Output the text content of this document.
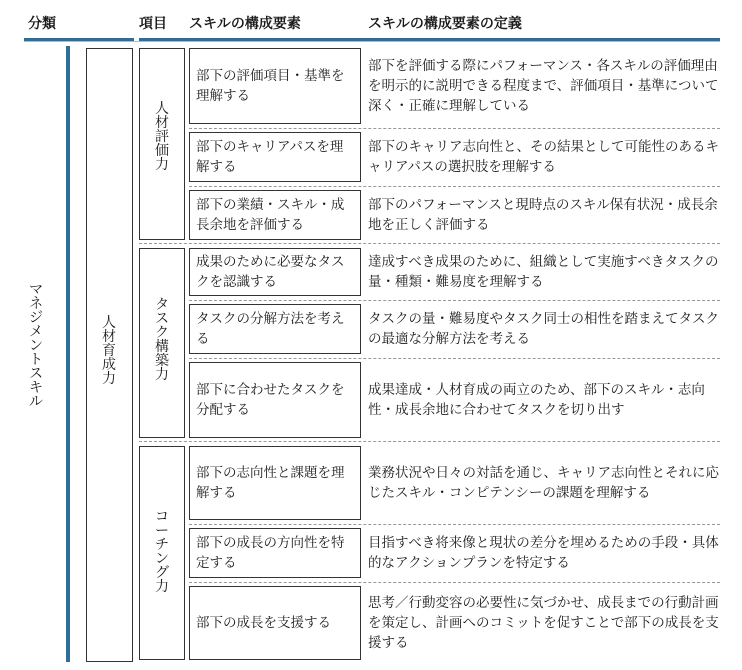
分類	項目 スキルの構成要素	スキルの構成要素の定義
マネジメントスキル
人材育成力
人材評価力
タスク構築力
コーチング力
部下の評価項目・基準を理解する
部下を評価する際にパフォーマンス・各スキルの評価理由を明示的に説明できる程度まで、評価項目・基準について深く・正確に理解している
部下のキャリアパスを理解する
部下のキャリア志向性と、その結果として可能性のあるキャリアパスの選択肢を理解する
部下の業績・スキル・成長余地を評価する
部下のパフォーマンスと現時点のスキル保有状況・成長余地を正しく評価する
成果のために必要なタスクを認識する
達成すべき成果のために、組織として実施すべきタスクの量・種類・難易度を理解する
タスクの分解方法を考える
タスクの量・難易度やタスク同士の相性を踏まえてタスクの最適な分解方法を考える
部下に合わせたタスクを分配する
成果達成・人材育成の両立のため、部下のスキル・志向性・成長余地に合わせてタスクを切り出す
部下の志向性と課題を理解する
業務状況や日々の対話を通じ、キャリア志向性とそれに応じたスキル・コンピテンシーの課題を理解する
部下の成長の方向性を特定する
目指すべき将来像と現状の差分を埋めるための手段・具体的なアクションプランを特定する
部下の成長を支援する
思考／行動変容の必要性に気づかせ、成長までの行動計画を策定し、計画へのコミットを促すことで部下の成長を支援する
